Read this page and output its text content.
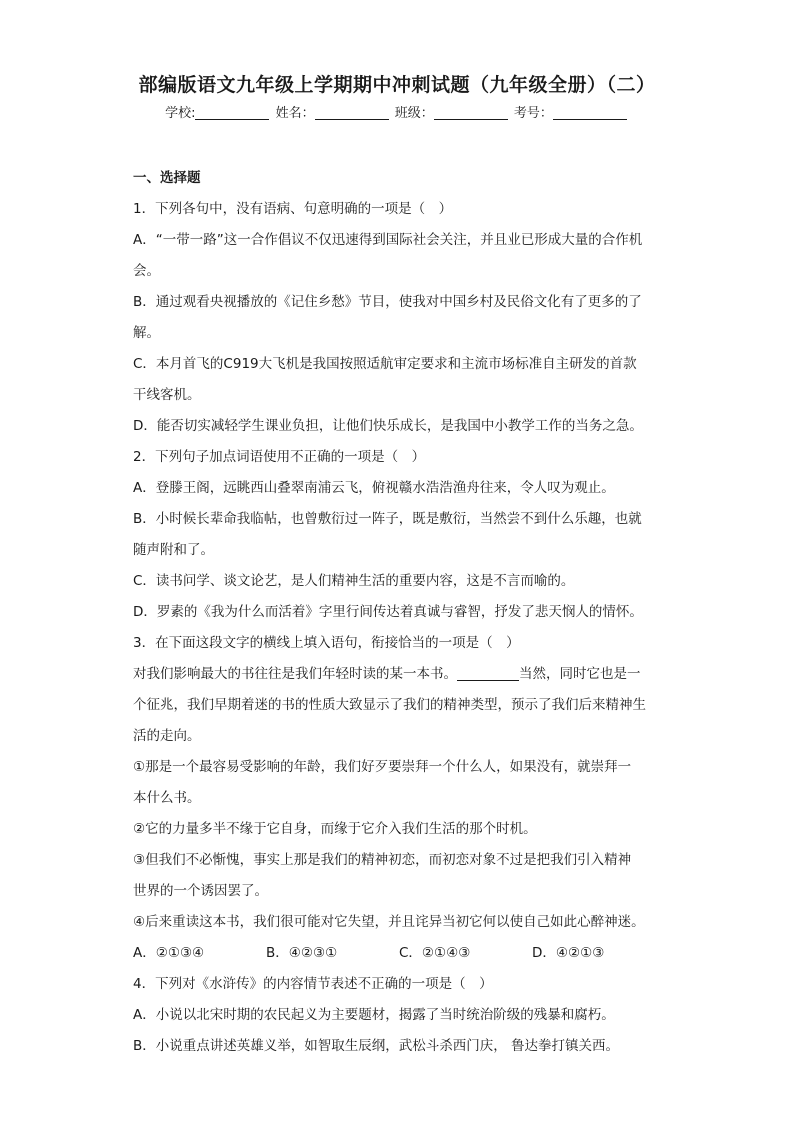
部编版语文九年级上学期期中冲刺试题（九年级全册）（二）
学校:	姓名：	班级：	考号：
一、选择题
1．下列各句中，没有语病、句意明确的一项是（　）
A．“一带一路”这一合作倡议不仅迅速得到国际社会关注，并且业已形成大量的合作机
会。
B．通过观看央视播放的《记住乡愁》节目，使我对中国乡村及民俗文化有了更多的了
解。
C．本月首飞的C919大飞机是我国按照适航审定要求和主流市场标准自主研发的首款
干线客机。
D．能否切实减轻学生课业负担，让他们快乐成长，是我国中小教学工作的当务之急。
2．下列句子加点词语使用不正确的一项是（　）
A．登滕王阁，远眺西山叠翠南浦云飞，俯视赣水浩浩渔舟往来，令人叹为观止。
B．小时候长辈命我临帖，也曾敷衍过一阵子，既是敷衍，当然尝不到什么乐趣，也就
随声附和了。
C．读书问学、谈文论艺，是人们精神生活的重要内容，这是不言而喻的。
D．罗素的《我为什么而活着》字里行间传达着真诚与睿智，抒发了悲天悯人的情怀。
3．在下面这段文字的横线上填入语句，衔接恰当的一项是（　）
对我们影响最大的书往往是我们年轻时读的某一本书。	当然，同时它也是一
个征兆，我们早期着迷的书的性质大致显示了我们的精神类型，预示了我们后来精神生
活的走向。
①那是一个最容易受影响的年龄，我们好歹要崇拜一个什么人，如果没有，就崇拜一
本什么书。
②它的力量多半不缘于它自身，而缘于它介入我们生活的那个时机。
③但我们不必惭愧，事实上那是我们的精神初恋，而初恋对象不过是把我们引入精神
世界的一个诱因罢了。
④后来重读这本书，我们很可能对它失望，并且诧异当初它何以使自己如此心醉神迷。
A．②①③④	B．④②③①	C．②①④③	D．④②①③
4．下列对《水浒传》的内容情节表述不正确的一项是（　）
A．小说以北宋时期的农民起义为主要题材，揭露了当时统治阶级的残暴和腐朽。
B．小说重点讲述英雄义举，如智取生辰纲，武松斗杀西门庆， 鲁达拳打镇关西。
